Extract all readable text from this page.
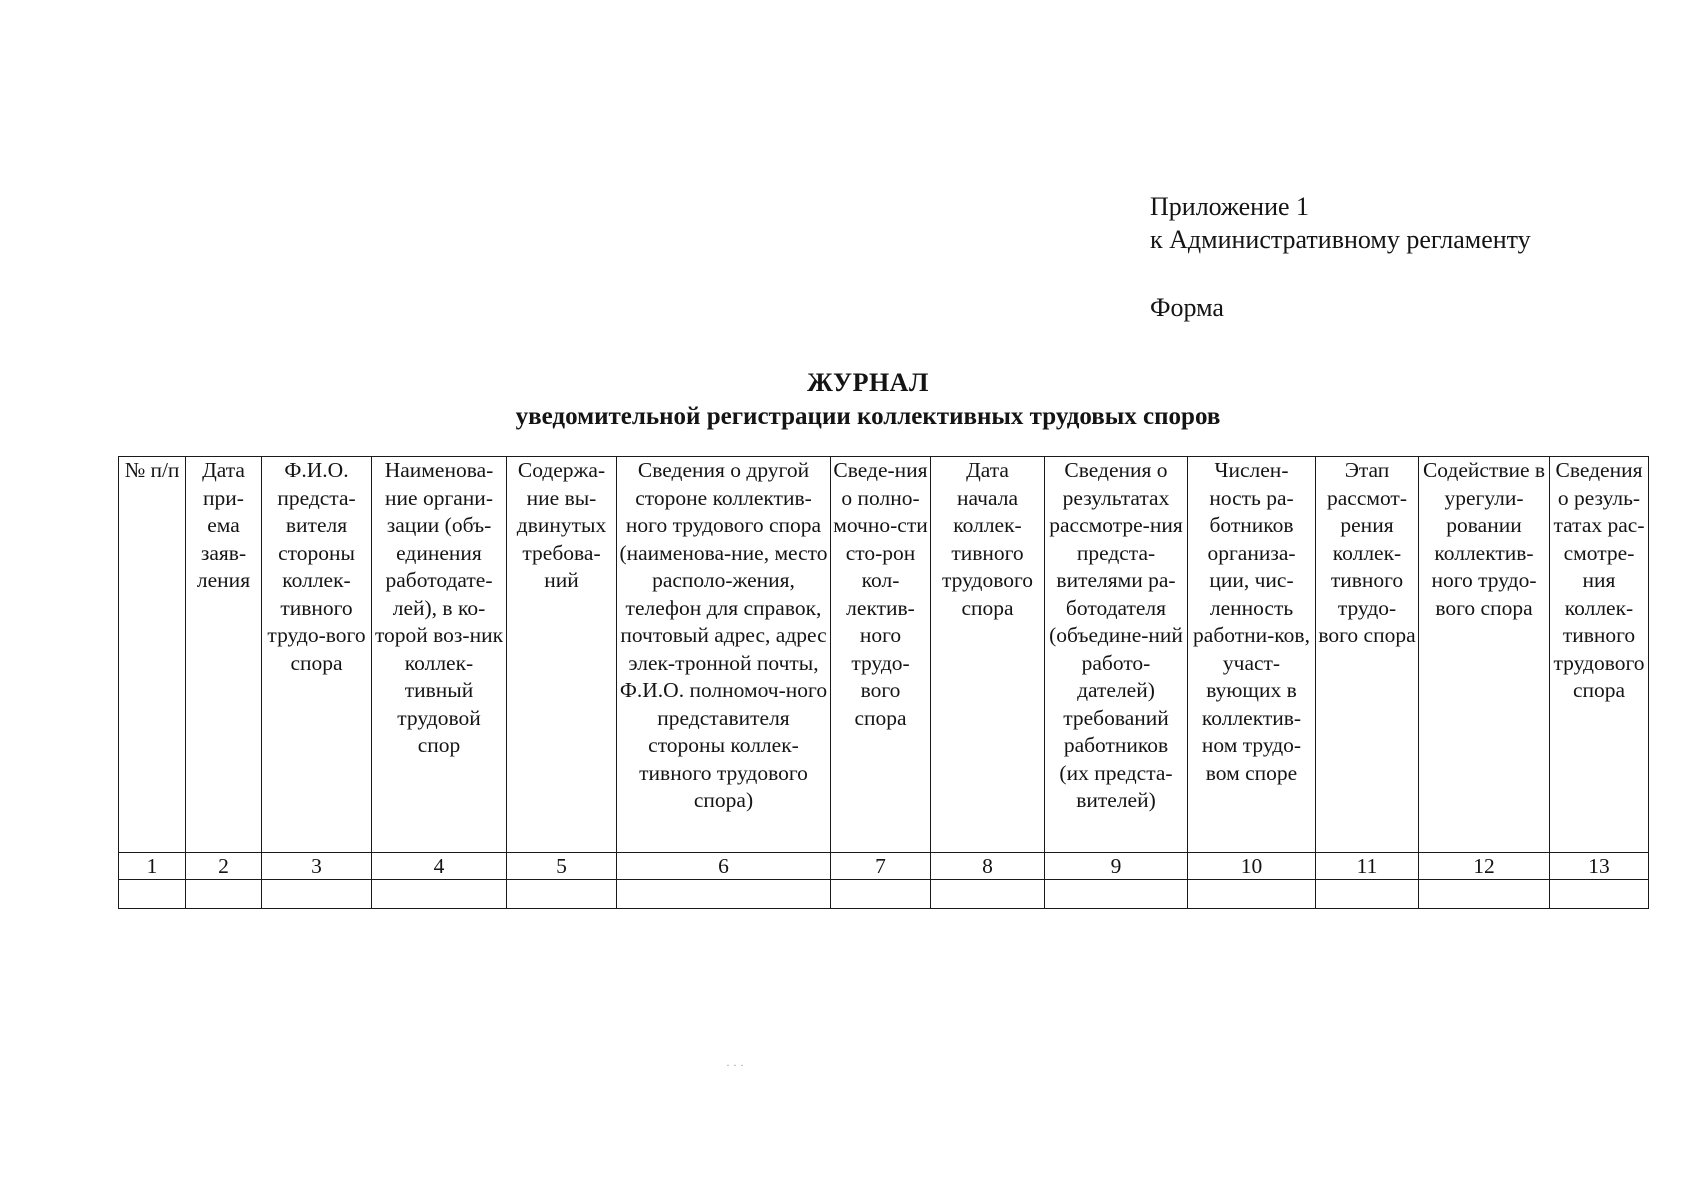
Приложение 1
к Административному регламенту
Форма
ЖУРНАЛ
уведомительной регистрации коллективных трудовых споров
№ п/п	Дата при-ема заяв-ления	Ф.И.О. предста-вителя стороны коллек-тивного трудо-вого спора	Наименова-ние органи-зации (объ-единения работодате-лей), в ко-торой воз-ник коллек-тивный трудовой спор	Содержа-ние вы-двинутых требова-ний	Сведения о другой стороне коллектив-ного трудового спора (наименова-ние, место располо-жения, телефон для справок, почтовый адрес, адрес элек-тронной почты, Ф.И.О. полномоч-ного представителя стороны коллек-тивного трудового спора)	Сведе-ния о полно-мочно-сти сто-рон кол-лектив-ного трудо-вого спора	Дата начала коллек-тивного трудового спора	Сведения о результатах рассмотре-ния предста-вителями ра-ботодателя (объедине-ний работо-дателей) требований работников (их предста-вителей)	Числен-ность ра-ботников организа-ции, чис-ленность работни-ков, участ-вующих в коллектив-ном трудо-вом споре	Этап рассмот-рения коллек-тивного трудо-вого спора	Содействие в урегули-ровании коллектив-ного трудо-вого спора	Сведения о резуль-татах рас-смотре-ния коллек-тивного трудового спора
1	2	3	4	5	6	7	8	9	10	11	12	13

· · ·
